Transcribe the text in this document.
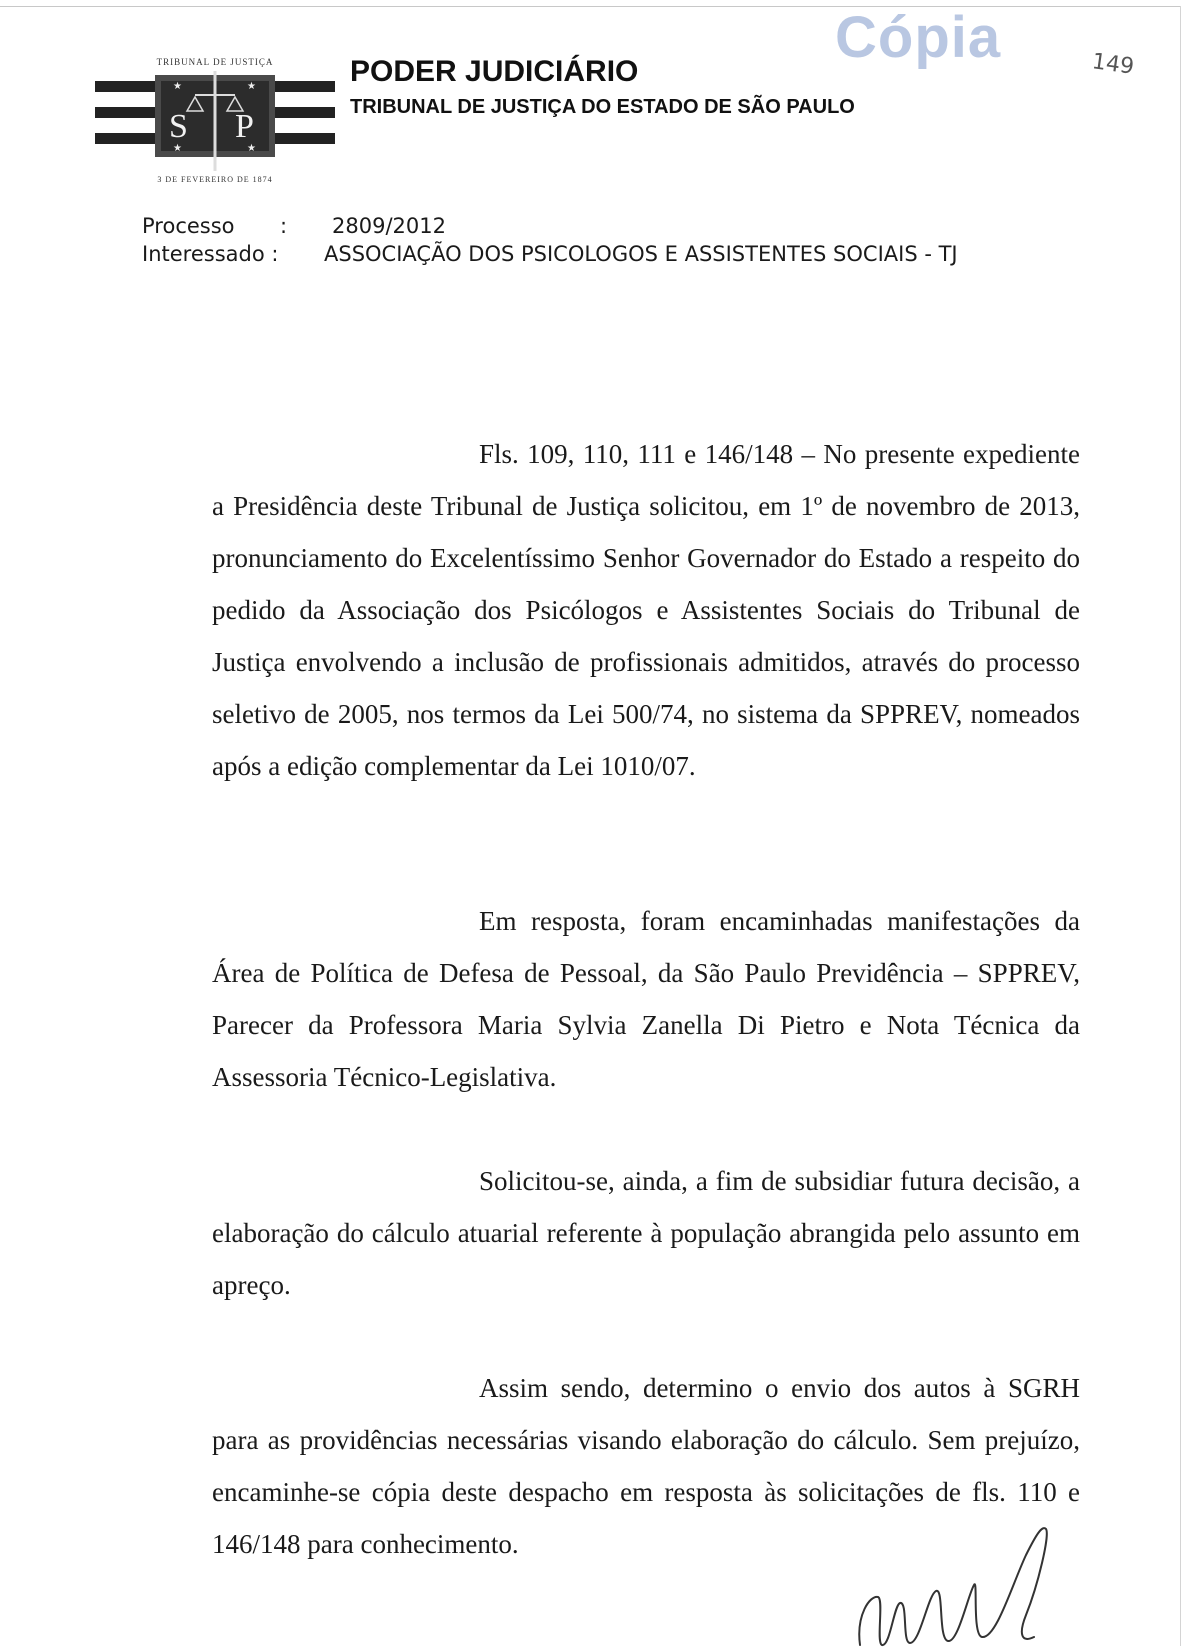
Cópia	149
TRIBUNAL DE JUSTIÇA
★	★
★	★
S P
3 DE FEVEREIRO DE 1874
PODER JUDICIÁRIO
TRIBUNAL DE JUSTIÇA DO ESTADO DE SÃO PAULO
Processo : 2809/2012
Interessado : ASSOCIAÇÃO DOS PSICOLOGOS E ASSISTENTES SOCIAIS - TJ

Fls. 109, 110, 111 e 146/148 – No presente expediente a Presidência deste Tribunal de Justiça solicitou, em 1º de novembro de 2013, pronunciamento do Excelentíssimo Senhor Governador do Estado a respeito do pedido da Associação dos Psicólogos e Assistentes Sociais do Tribunal de Justiça envolvendo a inclusão de profissionais admitidos, através do processo seletivo de 2005, nos termos da Lei 500/74, no sistema da SPPREV, nomeados após a edição complementar da Lei 1010/07.

Em resposta, foram encaminhadas manifestações da Área de Política de Defesa de Pessoal, da São Paulo Previdência – SPPREV, Parecer da Professora Maria Sylvia Zanella Di Pietro e Nota Técnica da Assessoria Técnico-Legislativa.

Solicitou-se, ainda, a fim de subsidiar futura decisão, a elaboração do cálculo atuarial referente à população abrangida pelo assunto em apreço.

Assim sendo, determino o envio dos autos à SGRH para as providências necessárias visando elaboração do cálculo. Sem prejuízo, encaminhe-se cópia deste despacho em resposta às solicitações de fls. 110 e 146/148 para conhecimento.
